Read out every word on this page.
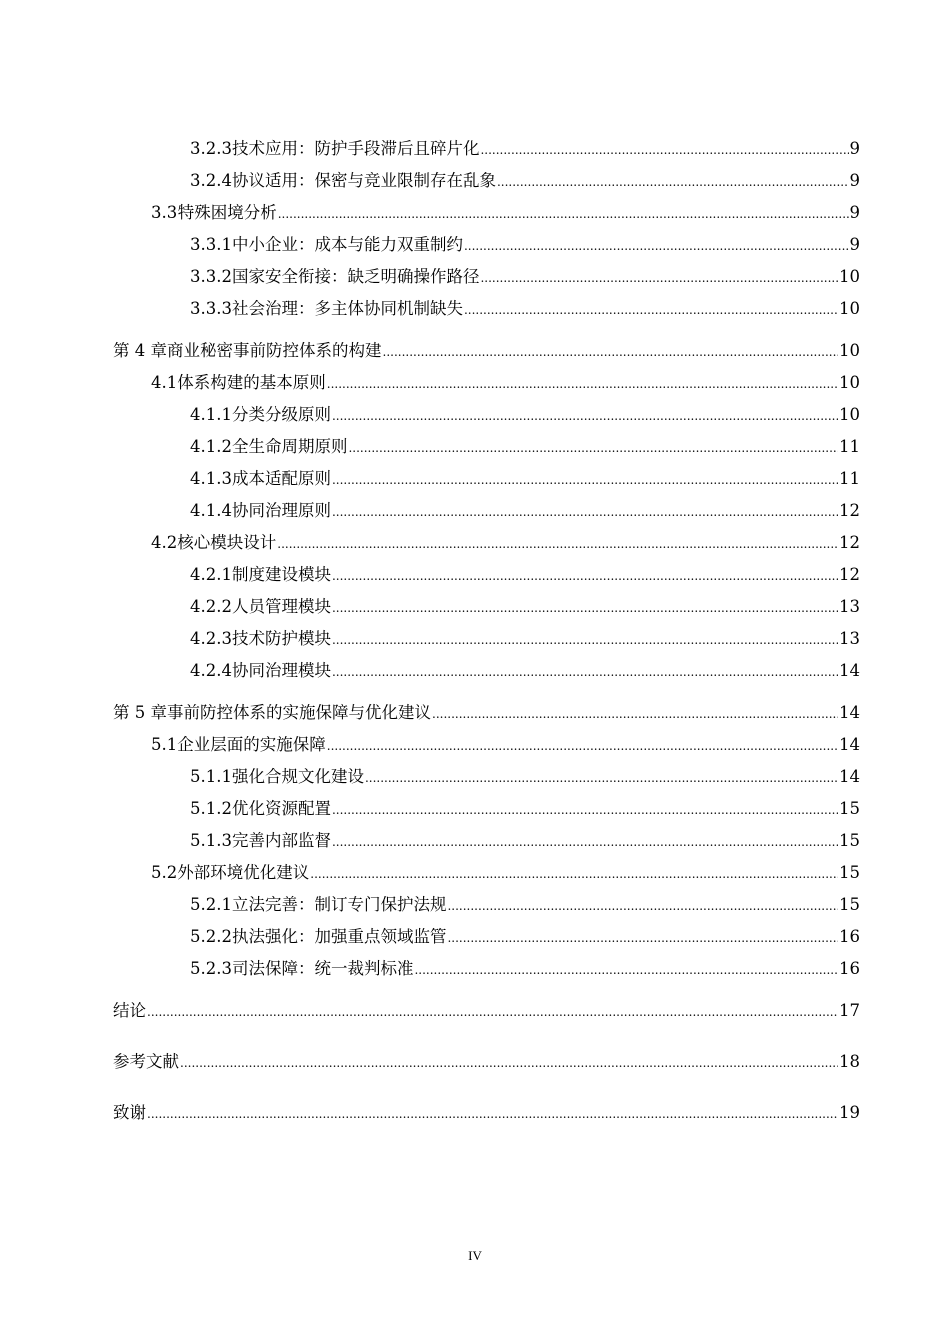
3.2.3 技术应用：防护手段滞后且碎片化 .....	9
3.2.4 协议适用：保密与竞业限制存在乱象 .....	9
3.3 特殊困境分析 .....	9
3.3.1 中小企业：成本与能力双重制约 .....	9
3.3.2 国家安全衔接：缺乏明确操作路径 .....	10
3.3.3 社会治理：多主体协同机制缺失 .....	10
第 4 章 商业秘密事前防控体系的构建 .....	10
4.1 体系构建的基本原则 .....	10
4.1.1 分类分级原则 .....	10
4.1.2 全生命周期原则 .....	11
4.1.3 成本适配原则 .....	11
4.1.4 协同治理原则 .....	12
4.2 核心模块设计 .....	12
4.2.1 制度建设模块 .....	12
4.2.2 人员管理模块 .....	13
4.2.3 技术防护模块 .....	13
4.2.4 协同治理模块 .....	14
第 5 章 事前防控体系的实施保障与优化建议 .....	14
5.1 企业层面的实施保障 .....	14
5.1.1 强化合规文化建设 .....	14
5.1.2 优化资源配置 .....	15
5.1.3 完善内部监督 .....	15
5.2 外部环境优化建议 .....	15
5.2.1 立法完善：制订专门保护法规 .....	15
5.2.2 执法强化：加强重点领域监管 .....	16
5.2.3 司法保障：统一裁判标准 .....	16
结论 .....	17
参考文献 .....	18
致谢 .....	19
IV
